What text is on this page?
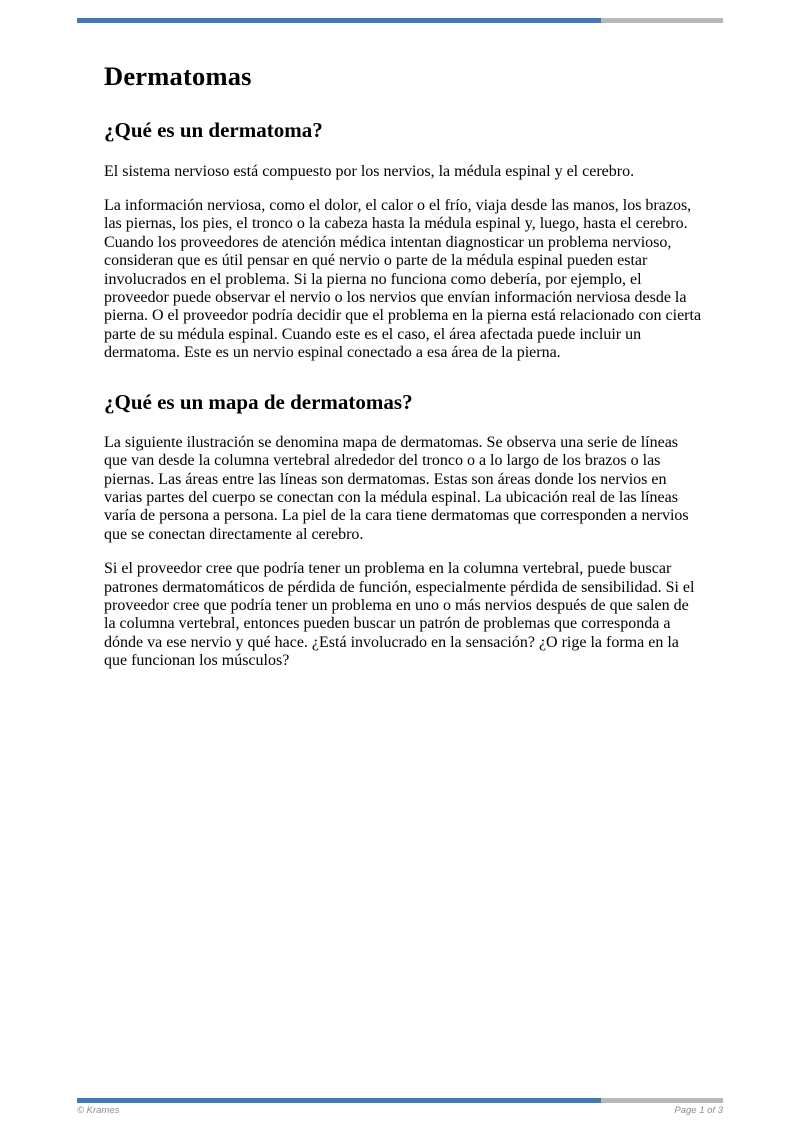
Dermatomas
¿Qué es un dermatoma?

El sistema nervioso está compuesto por los nervios, la médula espinal y el cerebro.

La información nerviosa, como el dolor, el calor o el frío, viaja desde las manos, los brazos, las piernas, los pies, el tronco o la cabeza hasta la médula espinal y, luego, hasta el cerebro. Cuando los proveedores de atención médica intentan diagnosticar un problema nervioso, consideran que es útil pensar en qué nervio o parte de la médula espinal pueden estar involucrados en el problema. Si la pierna no funciona como debería, por ejemplo, el proveedor puede observar el nervio o los nervios que envían información nerviosa desde la pierna. O el proveedor podría decidir que el problema en la pierna está relacionado con cierta parte de su médula espinal. Cuando este es el caso, el área afectada puede incluir un dermatoma. Este es un nervio espinal conectado a esa área de la pierna.

¿Qué es un mapa de dermatomas?

La siguiente ilustración se denomina mapa de dermatomas. Se observa una serie de líneas que van desde la columna vertebral alrededor del tronco o a lo largo de los brazos o las piernas. Las áreas entre las líneas son dermatomas. Estas son áreas donde los nervios en varias partes del cuerpo se conectan con la médula espinal. La ubicación real de las líneas varía de persona a persona. La piel de la cara tiene dermatomas que corresponden a nervios que se conectan directamente al cerebro.

Si el proveedor cree que podría tener un problema en la columna vertebral, puede buscar patrones dermatomáticos de pérdida de función, especialmente pérdida de sensibilidad. Si el proveedor cree que podría tener un problema en uno o más nervios después de que salen de la columna vertebral, entonces pueden buscar un patrón de problemas que corresponda a dónde va ese nervio y qué hace. ¿Está involucrado en la sensación? ¿O rige la forma en la que funcionan los músculos?

© Krames	Page 1 of 3
